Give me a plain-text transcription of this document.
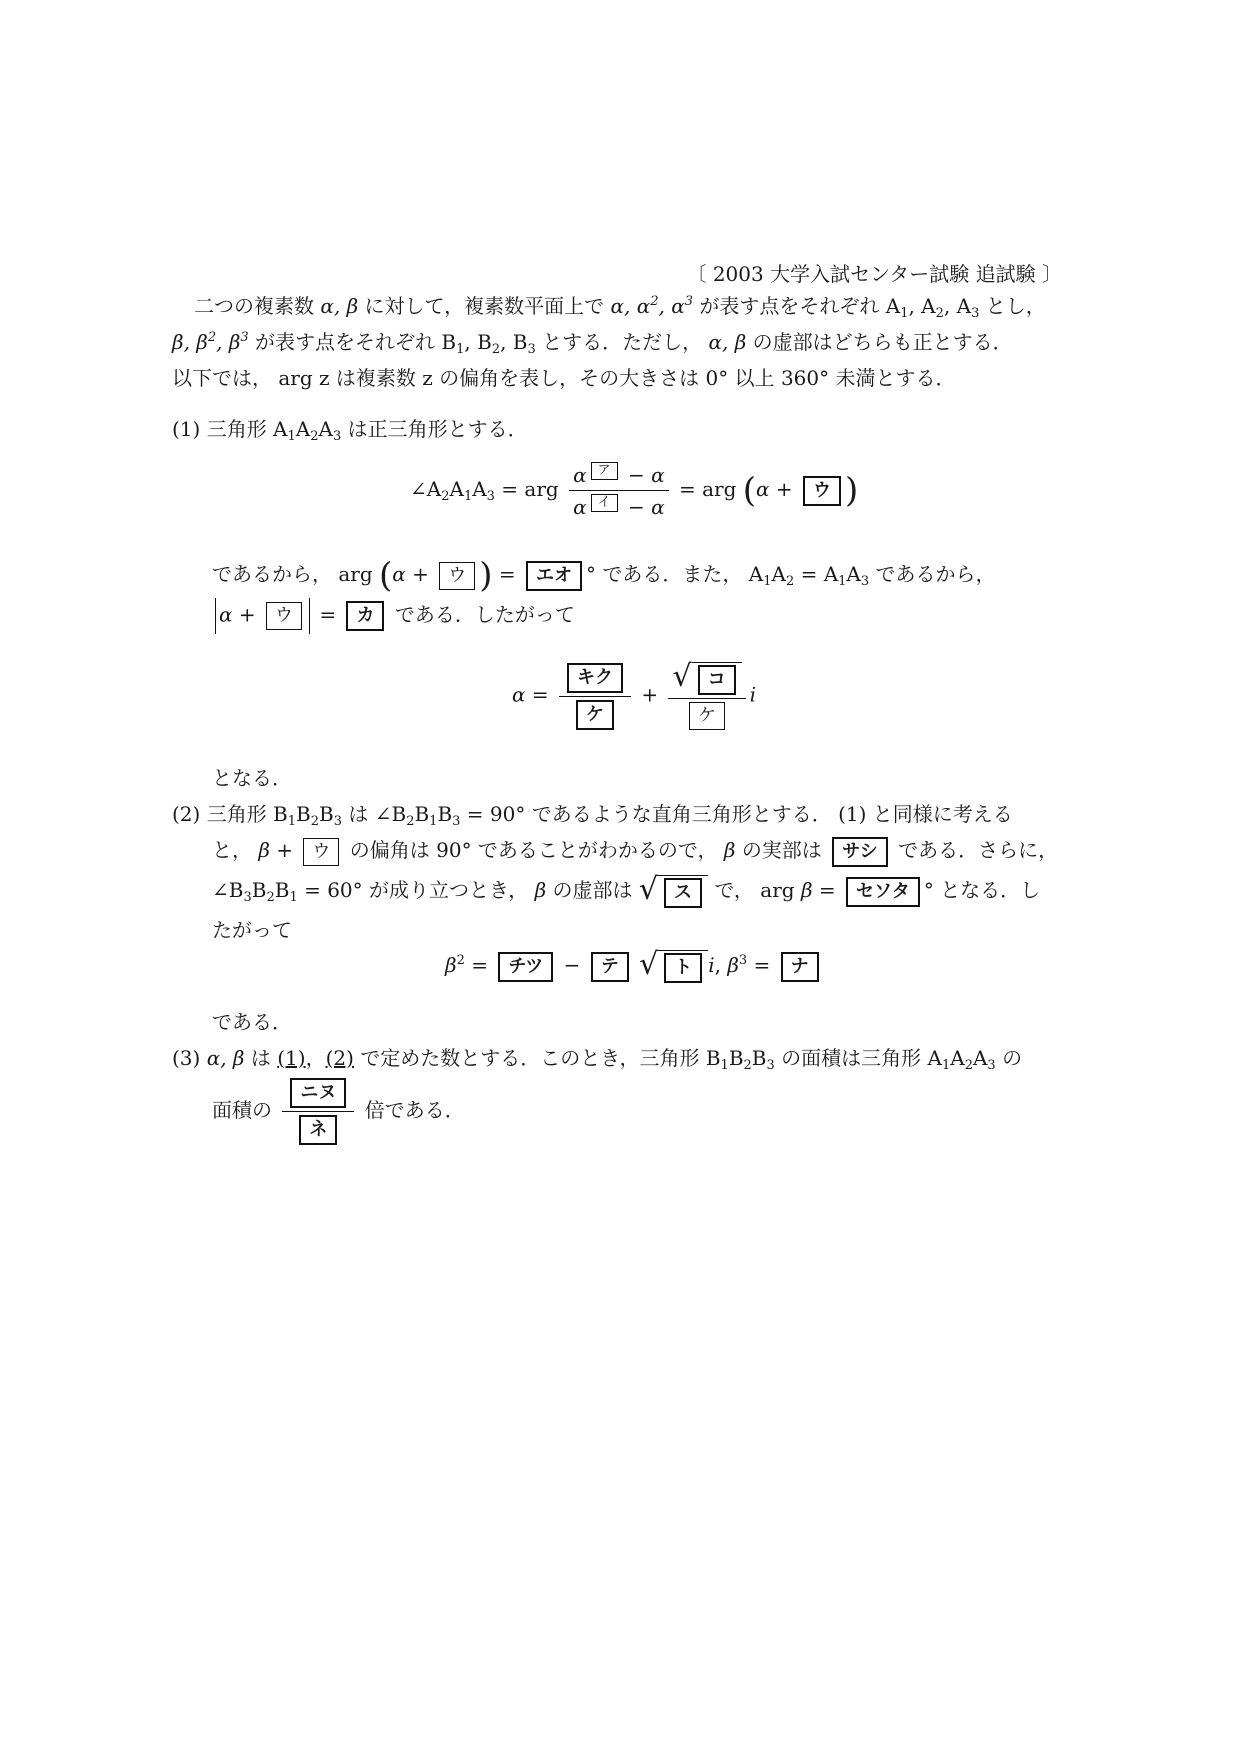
〔 2003 大学入試センター試験 追試験 〕
二つの複素数 α, β に対して，複素数平面上で α, $\alpha^2$, $\alpha^3$ が表す点をそれぞれ $A_1$, $A_2$, $A_3$ とし，
β, $\beta^2$, $\beta^3$ が表す点をそれぞれ $B_1$, $B_2$, $B_3$ とする．ただし， α, β の虚部はどちらも正とする．
以下では， arg z は複素数 z の偏角を表し，その大きさは 0° 以上 360° 未満とする．
(1) 三角形 $A_1A_2A_3$ は正三角形とする．
$\angle A_2A_1A_3$ = arg $\frac{\text{α ア − α}}{\text{α イ − α}}$ = arg (α + ウ )
であるから， arg (α + ウ ) = エオ ° である．また， $A_1A_2 = A_1A_3$ であるから，
α + ウ = カ である．したがって
$\alpha = \frac{\text{キク}}{\text{ケ}} + \frac{\text{√ コ}}{\text{ケ}}$ i
となる．
(2) 三角形 $B_1B_2B_3$ は $\angle B_2B_1B_3 = 90^\circ$ であるような直角三角形とする． (1) と同様に考える
と， β + ウ の偏角は 90° であることがわかるので， β の実部は サシ である．さらに，
$\angle B_3B_2B_1 = 60^\circ$ が成り立つとき， β の虚部は √ ス	で， arg β = セソタ ° となる．し
たがって
$\beta^2$ = チツ − テ √ ト i, $\beta^3$ = ナ
である．
(3) α, β は (1)，(2) で定めた数とする．このとき，三角形 $B_1B_2B_3$ の面積は三角形 $A_1A_2A_3$ の
面積の $\frac{\text{ニヌ}}{\text{ネ}}$ 倍である．
